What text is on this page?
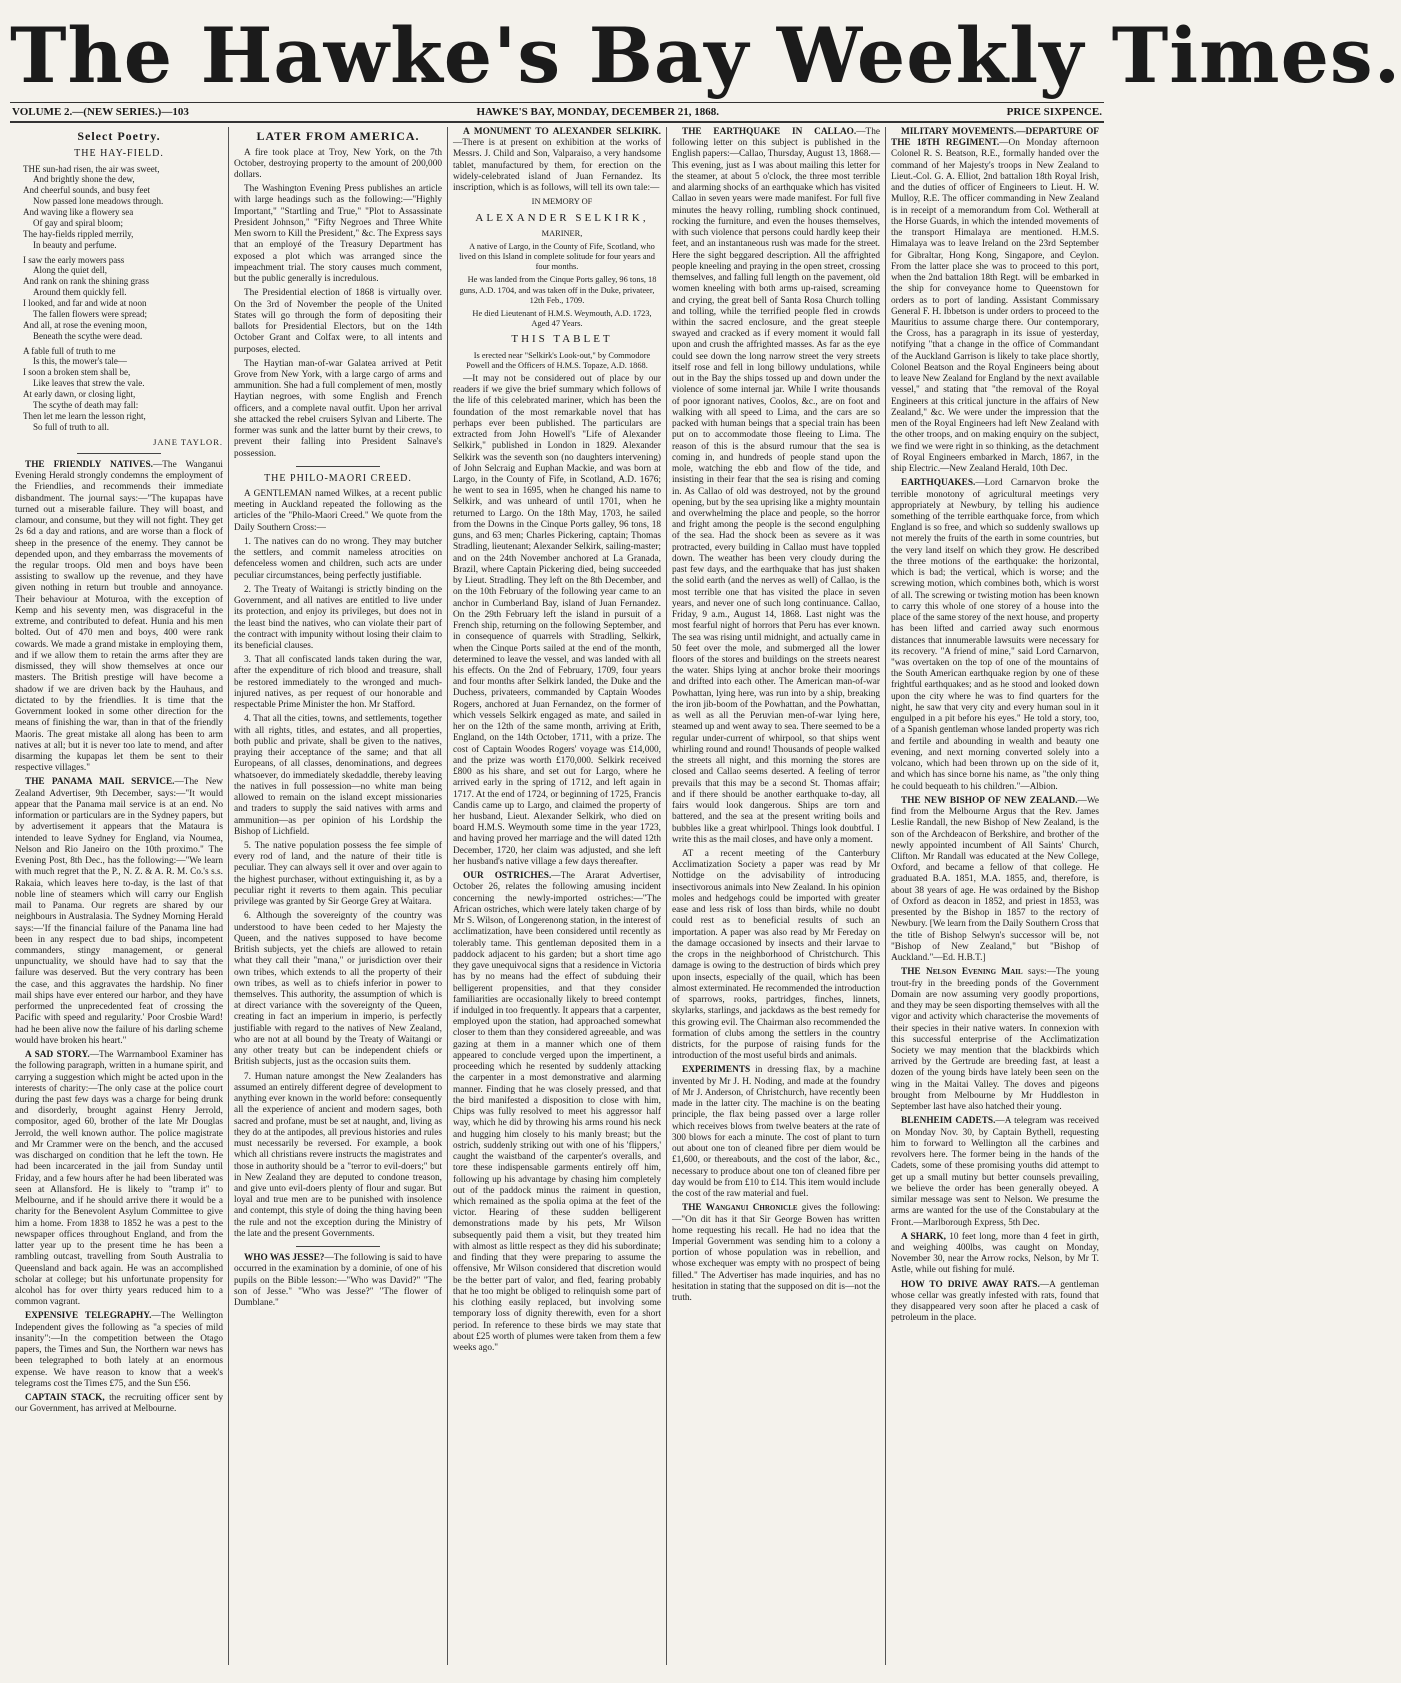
The Hawke's Bay Weekly Times.
VOLUME 2.—(NEW SERIES.)—103	HAWKE'S BAY, MONDAY, DECEMBER 21, 1868.	PRICE SIXPENCE.
Select Poetry.
THE HAY-FIELD.
THE sun-had risen, the air was sweet,
And brightly shone the dew,
And cheerful sounds, and busy feet
Now passed lone meadows through.
And waving like a flowery sea
Of gay and spiral bloom;
The hay-fields rippled merrily,
In beauty and perfume.
I saw the early mowers pass
Along the quiet dell,
And rank on rank the shining grass
Around them quickly fell.
I looked, and far and wide at noon
The fallen flowers were spread;
And all, at rose the evening moon,
Beneath the scythe were dead.
A fable full of truth to me
Is this, the mower's tale—
I soon a broken stem shall be,
Like leaves that strew the vale.
At early dawn, or closing light,
The scythe of death may fall:
Then let me learn the lesson right,
So full of truth to all.
JANE TAYLOR.

THE FRIENDLY NATIVES.—The Wanganui Evening Herald strongly condemns the employment of the Friendlies, and recommends their immediate disbandment. The journal says:—"The kupapas have turned out a miserable failure. They will boast, and clamour, and consume, but they will not fight. They get 2s 6d a day and rations, and are worse than a flock of sheep in the presence of the enemy. They cannot be depended upon, and they embarrass the movements of the regular troops. Old men and boys have been assisting to swallow up the revenue, and they have given nothing in return but trouble and annoyance. Their behaviour at Moturoa, with the exception of Kemp and his seventy men, was disgraceful in the extreme, and contributed to defeat. Hunia and his men bolted. Out of 470 men and boys, 400 were rank cowards. We made a grand mistake in employing them, and if we allow them to retain the arms after they are dismissed, they will show themselves at once our masters. The British prestige will have become a shadow if we are driven back by the Hauhaus, and dictated to by the friendlies. It is time that the Government looked in some other direction for the means of finishing the war, than in that of the friendly Maoris. The great mistake all along has been to arm natives at all; but it is never too late to mend, and after disarming the kupapas let them be sent to their respective villages."

THE PANAMA MAIL SERVICE.—The New Zealand Advertiser, 9th December, says:—"It would appear that the Panama mail service is at an end. No information or particulars are in the Sydney papers, but by advertisement it appears that the Mataura is intended to leave Sydney for England, via Noumea, Nelson and Rio Janeiro on the 10th proximo." The Evening Post, 8th Dec., has the following:—"We learn with much regret that the P., N. Z. & A. R. M. Co.'s s.s. Rakaia, which leaves here to-day, is the last of that noble line of steamers which will carry our English mail to Panama. Our regrets are shared by our neighbours in Australasia. The Sydney Morning Herald says:—'If the financial failure of the Panama line had been in any respect due to bad ships, incompetent commanders, stingy management, or general unpunctuality, we should have had to say that the failure was deserved. But the very contrary has been the case, and this aggravates the hardship. No finer mail ships have ever entered our harbor, and they have performed the unprecedented feat of crossing the Pacific with speed and regularity.' Poor Crosbie Ward! had he been alive now the failure of his darling scheme would have broken his heart."

A SAD STORY.—The Warrnambool Examiner has the following paragraph, written in a humane spirit, and carrying a suggestion which might be acted upon in the interests of charity:—The only case at the police court during the past few days was a charge for being drunk and disorderly, brought against Henry Jerrold, compositor, aged 60, brother of the late Mr Douglas Jerrold, the well known author. The police magistrate and Mr Crammer were on the bench, and the accused was discharged on condition that he left the town. He had been incarcerated in the jail from Sunday until Friday, and a few hours after he had been liberated was seen at Allansford. He is likely to "tramp it" to Melbourne, and if he should arrive there it would be a charity for the Benevolent Asylum Committee to give him a home. From 1838 to 1852 he was a pest to the newspaper offices throughout England, and from the latter year up to the present time he has been a rambling outcast, travelling from South Australia to Queensland and back again. He was an accomplished scholar at college; but his unfortunate propensity for alcohol has for over thirty years reduced him to a common vagrant.

EXPENSIVE TELEGRAPHY.—The Wellington Independent gives the following as "a species of mild insanity":—In the competition between the Otago papers, the Times and Sun, the Northern war news has been telegraphed to both lately at an enormous expense. We have reason to know that a week's telegrams cost the Times £75, and the Sun £56.

CAPTAIN STACK, the recruiting officer sent by our Government, has arrived at Melbourne.

LATER FROM AMERICA.

A fire took place at Troy, New York, on the 7th October, destroying property to the amount of 200,000 dollars.

The Washington Evening Press publishes an article with large headings such as the following:—"Highly Important," "Startling and True," "Plot to Assassinate President Johnson," "Fifty Negroes and Three White Men sworn to Kill the President," &c. The Express says that an employé of the Treasury Department has exposed a plot which was arranged since the impeachment trial. The story causes much comment, but the public generally is incredulous.

The Presidential election of 1868 is virtually over. On the 3rd of November the people of the United States will go through the form of depositing their ballots for Presidential Electors, but on the 14th October Grant and Colfax were, to all intents and purposes, elected.

The Haytian man-of-war Galatea arrived at Petit Grove from New York, with a large cargo of arms and ammunition. She had a full complement of men, mostly Haytian negroes, with some English and French officers, and a complete naval outfit. Upon her arrival she attacked the rebel cruisers Sylvan and Liberte. The former was sunk and the latter burnt by their crews, to prevent their falling into President Salnave's possession.

THE PHILO-MAORI CREED.

A GENTLEMAN named Wilkes, at a recent public meeting in Auckland repeated the following as the articles of the "Philo-Maori Creed." We quote from the Daily Southern Cross:—

1. The natives can do no wrong. They may butcher the settlers, and commit nameless atrocities on defenceless women and children, such acts are under peculiar circumstances, being perfectly justifiable.

2. The Treaty of Waitangi is strictly binding on the Government, and all natives are entitled to live under its protection, and enjoy its privileges, but does not in the least bind the natives, who can violate their part of the contract with impunity without losing their claim to its beneficial clauses.

3. That all confiscated lands taken during the war, after the expenditure of rich blood and treasure, shall be restored immediately to the wronged and much-injured natives, as per request of our honorable and respectable Prime Minister the hon. Mr Stafford.

4. That all the cities, towns, and settlements, together with all rights, titles, and estates, and all properties, both public and private, shall be given to the natives, praying their acceptance of the same; and that all Europeans, of all classes, denominations, and degrees whatsoever, do immediately skedaddle, thereby leaving the natives in full possession—no white man being allowed to remain on the island except missionaries and traders to supply the said natives with arms and ammunition—as per opinion of his Lordship the Bishop of Lichfield.

5. The native population possess the fee simple of every rod of land, and the nature of their title is peculiar. They can always sell it over and over again to the highest purchaser, without extinguishing it, as by a peculiar right it reverts to them again. This peculiar privilege was granted by Sir George Grey at Waitara.

6. Although the sovereignty of the country was understood to have been ceded to her Majesty the Queen, and the natives supposed to have become British subjects, yet the chiefs are allowed to retain what they call their "mana," or jurisdiction over their own tribes, which extends to all the property of their own tribes, as well as to chiefs inferior in power to themselves. This authority, the assumption of which is at direct variance with the sovereignty of the Queen, creating in fact an imperium in imperio, is perfectly justifiable with regard to the natives of New Zealand, who are not at all bound by the Treaty of Waitangi or any other treaty but can be independent chiefs or British subjects, just as the occasion suits them.

7. Human nature amongst the New Zealanders has assumed an entirely different degree of development to anything ever known in the world before: consequently all the experience of ancient and modern sages, both sacred and profane, must be set at naught, and, living as they do at the antipodes, all previous histories and rules must necessarily be reversed. For example, a book which all christians revere instructs the magistrates and those in authority should be a "terror to evil-doers;" but in New Zealand they are deputed to condone treason, and give unto evil-doers plenty of flour and sugar. But loyal and true men are to be punished with insolence and contempt, this style of doing the thing having been the rule and not the exception during the Ministry of the late and the present Governments.

WHO WAS JESSE?—The following is said to have occurred in the examination by a dominie, of one of his pupils on the Bible lesson:—"Who was David?" "The son of Jesse." "Who was Jesse?" "The flower of Dumblane."

A MONUMENT TO ALEXANDER SELKIRK.—There is at present on exhibition at the works of Messrs. J. Child and Son, Valparaiso, a very handsome tablet, manufactured by them, for erection on the widely-celebrated island of Juan Fernandez. Its inscription, which is as follows, will tell its own tale:—

IN MEMORY OF

ALEXANDER SELKIRK,

MARINER,

A native of Largo, in the County of Fife, Scotland, who lived on this Island in complete solitude for four years and four months.

He was landed from the Cinque Ports galley, 96 tons, 18 guns, A.D. 1704, and was taken off in the Duke, privateer, 12th Feb., 1709.

He died Lieutenant of H.M.S. Weymouth, A.D. 1723, Aged 47 Years.

THIS TABLET

Is erected near "Selkirk's Look-out," by Commodore Powell and the Officers of H.M.S. Topaze, A.D. 1868.

—It may not be considered out of place by our readers if we give the brief summary which follows of the life of this celebrated mariner, which has been the foundation of the most remarkable novel that has perhaps ever been published. The particulars are extracted from John Howell's "Life of Alexander Selkirk," published in London in 1829. Alexander Selkirk was the seventh son (no daughters intervening) of John Selcraig and Euphan Mackie, and was born at Largo, in the County of Fife, in Scotland, A.D. 1676; he went to sea in 1695, when he changed his name to Selkirk, and was unheard of until 1701, when he returned to Largo. On the 18th May, 1703, he sailed from the Downs in the Cinque Ports galley, 96 tons, 18 guns, and 63 men; Charles Pickering, captain; Thomas Stradling, lieutenant; Alexander Selkirk, sailing-master; and on the 24th November anchored at La Granada, Brazil, where Captain Pickering died, being succeeded by Lieut. Stradling. They left on the 8th December, and on the 10th February of the following year came to an anchor in Cumberland Bay, island of Juan Fernandez. On the 29th February left the island in pursuit of a French ship, returning on the following September, and in consequence of quarrels with Stradling, Selkirk, when the Cinque Ports sailed at the end of the month, determined to leave the vessel, and was landed with all his effects. On the 2nd of February, 1709, four years and four months after Selkirk landed, the Duke and the Duchess, privateers, commanded by Captain Woodes Rogers, anchored at Juan Fernandez, on the former of which vessels Selkirk engaged as mate, and sailed in her on the 12th of the same month, arriving at Erith, England, on the 14th October, 1711, with a prize. The cost of Captain Woodes Rogers' voyage was £14,000, and the prize was worth £170,000. Selkirk received £800 as his share, and set out for Largo, where he arrived early in the spring of 1712, and left again in 1717. At the end of 1724, or beginning of 1725, Francis Candis came up to Largo, and claimed the property of her husband, Lieut. Alexander Selkirk, who died on board H.M.S. Weymouth some time in the year 1723, and having proved her marriage and the will dated 12th December, 1720, her claim was adjusted, and she left her husband's native village a few days thereafter.

OUR OSTRICHES.—The Ararat Advertiser, October 26, relates the following amusing incident concerning the newly-imported ostriches:—"The African ostriches, which were lately taken charge of by Mr S. Wilson, of Longerenong station, in the interest of acclimatization, have been considered until recently as tolerably tame. This gentleman deposited them in a paddock adjacent to his garden; but a short time ago they gave unequivocal signs that a residence in Victoria has by no means had the effect of subduing their belligerent propensities, and that they consider familiarities are occasionally likely to breed contempt if indulged in too frequently. It appears that a carpenter, employed upon the station, had approached somewhat closer to them than they considered agreeable, and was gazing at them in a manner which one of them appeared to conclude verged upon the impertinent, a proceeding which he resented by suddenly attacking the carpenter in a most demonstrative and alarming manner. Finding that he was closely pressed, and that the bird manifested a disposition to close with him, Chips was fully resolved to meet his aggressor half way, which he did by throwing his arms round his neck and hugging him closely to his manly breast; but the ostrich, suddenly striking out with one of his 'flippers,' caught the waistband of the carpenter's overalls, and tore these indispensable garments entirely off him, following up his advantage by chasing him completely out of the paddock minus the raiment in question, which remained as the spolia opima at the feet of the victor. Hearing of these sudden belligerent demonstrations made by his pets, Mr Wilson subsequently paid them a visit, but they treated him with almost as little respect as they did his subordinate; and finding that they were preparing to assume the offensive, Mr Wilson considered that discretion would be the better part of valor, and fled, fearing probably that he too might be obliged to relinquish some part of his clothing easily replaced, but involving some temporary loss of dignity therewith, even for a short period. In reference to these birds we may state that about £25 worth of plumes were taken from them a few weeks ago."

THE EARTHQUAKE IN CALLAO.—The following letter on this subject is published in the English papers:—Callao, Thursday, August 13, 1868.—This evening, just as I was about mailing this letter for the steamer, at about 5 o'clock, the three most terrible and alarming shocks of an earthquake which has visited Callao in seven years were made manifest. For full five minutes the heavy rolling, rumbling shock continued, rocking the furniture, and even the houses themselves, with such violence that persons could hardly keep their feet, and an instantaneous rush was made for the street. Here the sight beggared description. All the affrighted people kneeling and praying in the open street, crossing themselves, and falling full length on the pavement, old women kneeling with both arms up-raised, screaming and crying, the great bell of Santa Rosa Church tolling and tolling, while the terrified people fled in crowds within the sacred enclosure, and the great steeple swayed and cracked as if every moment it would fall upon and crush the affrighted masses. As far as the eye could see down the long narrow street the very streets itself rose and fell in long billowy undulations, while out in the Bay the ships tossed up and down under the violence of some internal jar. While I write thousands of poor ignorant natives, Coolos, &c., are on foot and walking with all speed to Lima, and the cars are so packed with human beings that a special train has been put on to accommodate those fleeing to Lima. The reason of this is the absurd rumour that the sea is coming in, and hundreds of people stand upon the mole, watching the ebb and flow of the tide, and insisting in their fear that the sea is rising and coming in. As Callao of old was destroyed, not by the ground opening, but by the sea uprising like a mighty mountain and overwhelming the place and people, so the horror and fright among the people is the second engulphing of the sea. Had the shock been as severe as it was protracted, every building in Callao must have toppled down. The weather has been very cloudy during the past few days, and the earthquake that has just shaken the solid earth (and the nerves as well) of Callao, is the most terrible one that has visited the place in seven years, and never one of such long continuance. Callao, Friday, 9 a.m., August 14, 1868. Last night was the most fearful night of horrors that Peru has ever known. The sea was rising until midnight, and actually came in 50 feet over the mole, and submerged all the lower floors of the stores and buildings on the streets nearest the water. Ships lying at anchor broke their moorings and drifted into each other. The American man-of-war Powhattan, lying here, was run into by a ship, breaking the iron jib-boom of the Powhattan, and the Powhattan, as well as all the Peruvian men-of-war lying here, steamed up and went away to sea. There seemed to be a regular under-current of whirpool, so that ships went whirling round and round! Thousands of people walked the streets all night, and this morning the stores are closed and Callao seems deserted. A feeling of terror prevails that this may be a second St. Thomas affair; and if there should be another earthquake to-day, all fairs would look dangerous. Ships are torn and battered, and the sea at the present writing boils and bubbles like a great whirlpool. Things look doubtful. I write this as the mail closes, and have only a moment.

AT a recent meeting of the Canterbury Acclimatization Society a paper was read by Mr Nottidge on the advisability of introducing insectivorous animals into New Zealand. In his opinion moles and hedgehogs could be imported with greater ease and less risk of loss than birds, while no doubt could rest as to beneficial results of such an importation. A paper was also read by Mr Fereday on the damage occasioned by insects and their larvae to the crops in the neighborhood of Christchurch. This damage is owing to the destruction of birds which prey upon insects, especially of the quail, which has been almost exterminated. He recommended the introduction of sparrows, rooks, partridges, finches, linnets, skylarks, starlings, and jackdaws as the best remedy for this growing evil. The Chairman also recommended the formation of clubs among the settlers in the country districts, for the purpose of raising funds for the introduction of the most useful birds and animals.

EXPERIMENTS in dressing flax, by a machine invented by Mr J. H. Noding, and made at the foundry of Mr J. Anderson, of Christchurch, have recently been made in the latter city. The machine is on the beating principle, the flax being passed over a large roller which receives blows from twelve beaters at the rate of 300 blows for each a minute. The cost of plant to turn out about one ton of cleaned fibre per diem would be £1,600, or thereabouts, and the cost of the labor, &c., necessary to produce about one ton of cleaned fibre per day would be from £10 to £14. This item would include the cost of the raw material and fuel.

THE Wanganui Chronicle gives the following:—"On dit has it that Sir George Bowen has written home requesting his recall. He had no idea that the Imperial Government was sending him to a colony a portion of whose population was in rebellion, and whose exchequer was empty with no prospect of being filled." The Advertiser has made inquiries, and has no hesitation in stating that the supposed on dit is—not the truth.

MILITARY MOVEMENTS.—DEPARTURE OF THE 18TH REGIMENT.—On Monday afternoon Colonel R. S. Beatson, R.E., formally handed over the command of her Majesty's troops in New Zealand to Lieut.-Col. G. A. Elliot, 2nd battalion 18th Royal Irish, and the duties of officer of Engineers to Lieut. H. W. Mulloy, R.E. The officer commanding in New Zealand is in receipt of a memorandum from Col. Wetherall at the Horse Guards, in which the intended movements of the transport Himalaya are mentioned. H.M.S. Himalaya was to leave Ireland on the 23rd September for Gibraltar, Hong Kong, Singapore, and Ceylon. From the latter place she was to proceed to this port, when the 2nd battalion 18th Regt. will be embarked in the ship for conveyance home to Queenstown for orders as to port of landing. Assistant Commissary General F. H. Ibbetson is under orders to proceed to the Mauritius to assume charge there. Our contemporary, the Cross, has a paragraph in its issue of yesterday, notifying "that a change in the office of Commandant of the Auckland Garrison is likely to take place shortly, Colonel Beatson and the Royal Engineers being about to leave New Zealand for England by the next available vessel," and stating that "the removal of the Royal Engineers at this critical juncture in the affairs of New Zealand," &c. We were under the impression that the men of the Royal Engineers had left New Zealand with the other troops, and on making enquiry on the subject, we find we were right in so thinking, as the detachment of Royal Engineers embarked in March, 1867, in the ship Electric.—New Zealand Herald, 10th Dec.

EARTHQUAKES.—Lord Carnarvon broke the terrible monotony of agricultural meetings very appropriately at Newbury, by telling his audience something of the terrible earthquake force, from which England is so free, and which so suddenly swallows up not merely the fruits of the earth in some countries, but the very land itself on which they grow. He described the three motions of the earthquake: the horizontal, which is bad; the vertical, which is worse; and the screwing motion, which combines both, which is worst of all. The screwing or twisting motion has been known to carry this whole of one storey of a house into the place of the same storey of the next house, and property has been lifted and carried away such enormous distances that innumerable lawsuits were necessary for its recovery. "A friend of mine," said Lord Carnarvon, "was overtaken on the top of one of the mountains of the South American earthquake region by one of these frightful earthquakes; and as he stood and looked down upon the city where he was to find quarters for the night, he saw that very city and every human soul in it engulped in a pit before his eyes." He told a story, too, of a Spanish gentleman whose landed property was rich and fertile and abounding in wealth and beauty one evening, and next morning converted solely into a volcano, which had been thrown up on the side of it, and which has since borne his name, as "the only thing he could bequeath to his children."—Albion.

THE NEW BISHOP OF NEW ZEALAND.—We find from the Melbourne Argus that the Rev. James Leslie Randall, the new Bishop of New Zealand, is the son of the Archdeacon of Berkshire, and brother of the newly appointed incumbent of All Saints' Church, Clifton. Mr Randall was educated at the New College, Oxford, and became a fellow of that college. He graduated B.A. 1851, M.A. 1855, and, therefore, is about 38 years of age. He was ordained by the Bishop of Oxford as deacon in 1852, and priest in 1853, was presented by the Bishop in 1857 to the rectory of Newbury. [We learn from the Daily Southern Cross that the title of Bishop Selwyn's successor will be, not "Bishop of New Zealand," but "Bishop of Auckland."—Ed. H.B.T.]

THE Nelson Evening Mail says:—The young trout-fry in the breeding ponds of the Government Domain are now assuming very goodly proportions, and they may be seen disporting themselves with all the vigor and activity which characterise the movements of their species in their native waters. In connexion with this successful enterprise of the Acclimatization Society we may mention that the blackbirds which arrived by the Gertrude are breeding fast, at least a dozen of the young birds have lately been seen on the wing in the Maitai Valley. The doves and pigeons brought from Melbourne by Mr Huddleston in September last have also hatched their young.

BLENHEIM CADETS.—A telegram was received on Monday Nov. 30, by Captain Bythell, requesting him to forward to Wellington all the carbines and revolvers here. The former being in the hands of the Cadets, some of these promising youths did attempt to get up a small mutiny but better counsels prevailing, we believe the order has been generally obeyed. A similar message was sent to Nelson. We presume the arms are wanted for the use of the Constabulary at the Front.—Marlborough Express, 5th Dec.

A SHARK, 10 feet long, more than 4 feet in girth, and weighing 400lbs, was caught on Monday, November 30, near the Arrow rocks, Nelson, by Mr T. Astle, while out fishing for mulé.

HOW TO DRIVE AWAY RATS.—A gentleman whose cellar was greatly infested with rats, found that they disappeared very soon after he placed a cask of petroleum in the place.
